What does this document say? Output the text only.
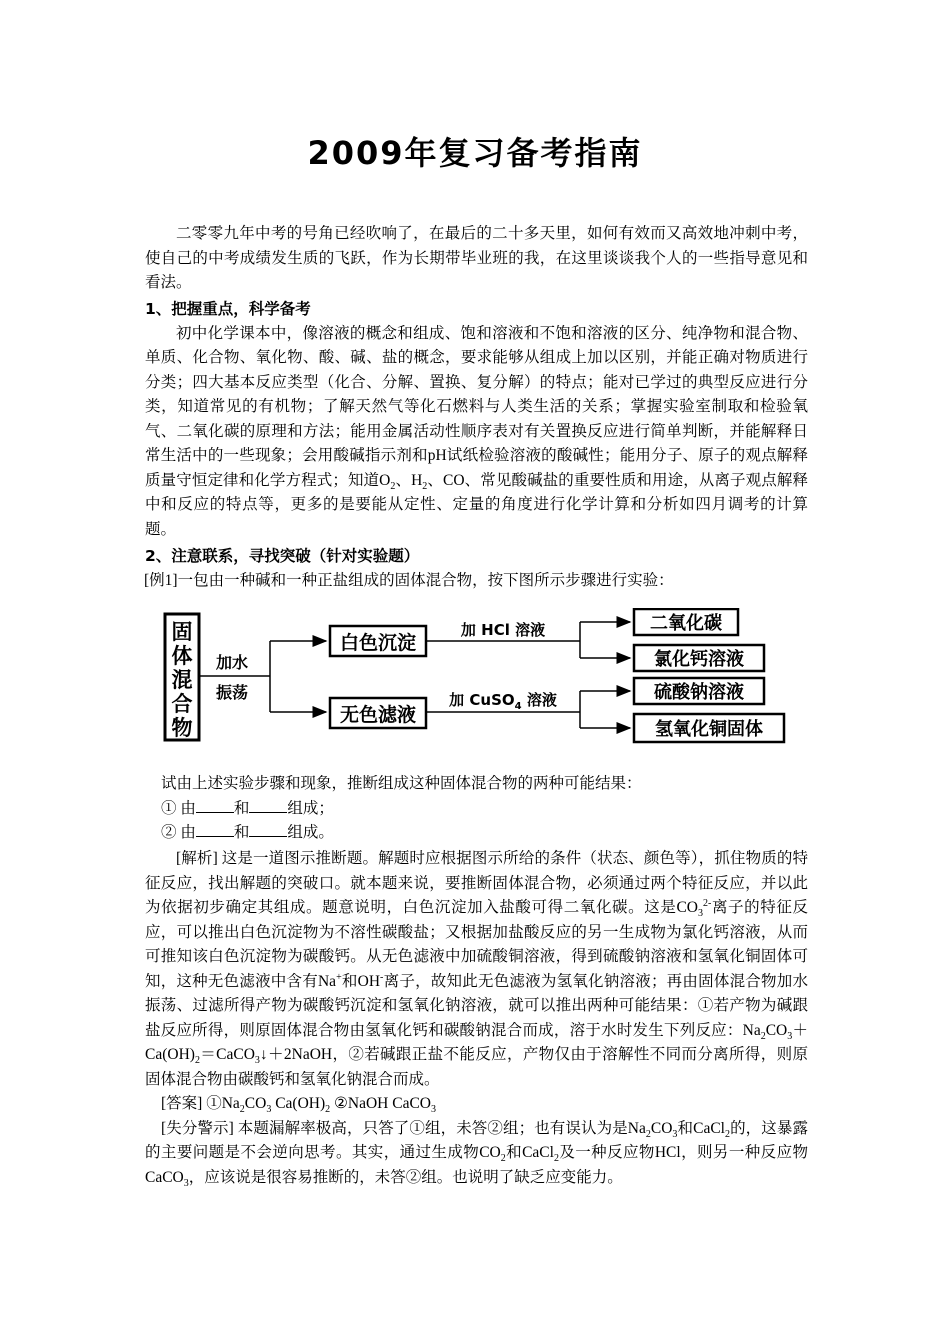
2009年复习备考指南

二零零九年中考的号角已经吹响了，在最后的二十多天里，如何有效而又高效地冲刺中考，使自己的中考成绩发生质的飞跃，作为长期带毕业班的我，在这里谈谈我个人的一些指导意见和看法。

1、把握重点，科学备考

初中化学课本中，像溶液的概念和组成、饱和溶液和不饱和溶液的区分、纯净物和混合物、单质、化合物、氧化物、酸、碱、盐的概念，要求能够从组成上加以区别，并能正确对物质进行分类；四大基本反应类型（化合、分解、置换、复分解）的特点；能对已学过的典型反应进行分类，知道常见的有机物；了解天然气等化石燃料与人类生活的关系；掌握实验室制取和检验氧气、二氧化碳的原理和方法；能用金属活动性顺序表对有关置换反应进行简单判断，并能解释日常生活中的一些现象；会用酸碱指示剂和pH试纸检验溶液的酸碱性；能用分子、原子的观点解释质量守恒定律和化学方程式；知道$O_2$、$H_2$、CO、常见酸碱盐的重要性质和用途，从离子观点解释中和反应的特点等，更多的是要能从定性、定量的角度进行化学计算和分析如四月调考的计算题。

2、注意联系，寻找突破（针对实验题）

[例1]一包由一种碱和一种正盐组成的固体混合物，按下图所示步骤进行实验：

固
体
混
合
物
加水
振荡
白色沉淀
无色滤液
加 HCl 溶液
加 CuSO$_4$ 溶液
二氧化碳
氯化钙溶液
硫酸钠溶液
氢氧化铜固体

试由上述实验步骤和现象，推断组成这种固体混合物的两种可能结果：

① 由 和 组成；

② 由 和 组成。

[解析] 这是一道图示推断题。解题时应根据图示所给的条件（状态、颜色等），抓住物质的特征反应，找出解题的突破口。就本题来说，要推断固体混合物，必须通过两个特征反应，并以此为依据初步确定其组成。题意说明，白色沉淀加入盐酸可得二氧化碳。这是$CO_3^{2-}$离子的特征反应，可以推出白色沉淀物为不溶性碳酸盐；又根据加盐酸反应的另一生成物为氯化钙溶液，从而可推知该白色沉淀物为碳酸钙。从无色滤液中加硫酸铜溶液，得到硫酸钠溶液和氢氧化铜固体可知，这种无色滤液中含有Na+和OH-离子，故知此无色滤液为氢氧化钠溶液；再由固体混合物加水振荡、过滤所得产物为碳酸钙沉淀和氢氧化钠溶液，就可以推出两种可能结果：①若产物为碱跟盐反应所得，则原固体混合物由氢氧化钙和碳酸钠混合而成，溶于水时发生下列反应：$Na_2CO_3+Ca(OH)_2=CaCO_3↓+2NaOH$，②若碱跟正盐不能反应，产物仅由于溶解性不同而分离所得，则原固体混合物由碳酸钙和氢氧化钠混合而成。

[答案] $①Na_2CO_3$ $Ca(OH)_2$ ②NaOH CaCO$_3$

[失分警示] 本题漏解率极高，只答了①组，未答②组；也有误认为是$Na_2CO_3$和CaCl$_2$的，这暴露的主要问题是不会逆向思考。其实，通过生成物$CO_2$和CaCl$_2$及一种反应物HCl，则另一种反应物CaCO$_3$，应该说是很容易推断的，未答②组。也说明了缺乏应变能力。
